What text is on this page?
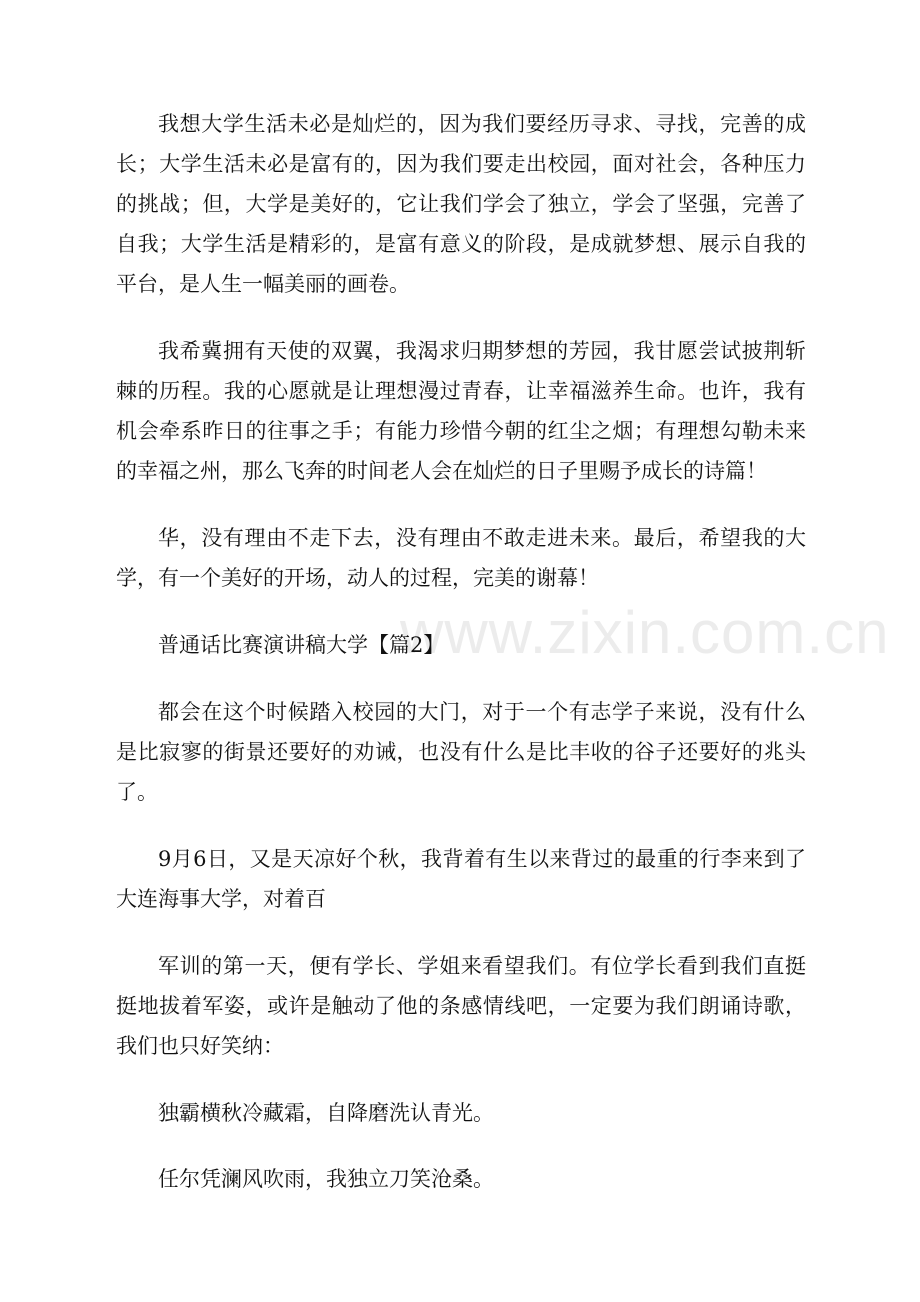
www.zixin.com.cn

我想大学生活未必是灿烂的，因为我们要经历寻求、寻找，完善的成长；大学生活未必是富有的，因为我们要走出校园，面对社会，各种压力的挑战；但，大学是美好的，它让我们学会了独立，学会了坚强，完善了自我；大学生活是精彩的，是富有意义的阶段，是成就梦想、展示自我的平台，是人生一幅美丽的画卷。

我希冀拥有天使的双翼，我渴求归期梦想的芳园，我甘愿尝试披荆斩棘的历程。我的心愿就是让理想漫过青春，让幸福滋养生命。也许，我有机会牵系昨日的往事之手；有能力珍惜今朝的红尘之烟；有理想勾勒未来的幸福之州，那么飞奔的时间老人会在灿烂的日子里赐予成长的诗篇！

华，没有理由不走下去，没有理由不敢走进未来。最后，希望我的大学，有一个美好的开场，动人的过程，完美的谢幕！

普通话比赛演讲稿大学【篇2】

都会在这个时候踏入校园的大门，对于一个有志学子来说，没有什么是比寂寥的街景还要好的劝诫，也没有什么是比丰收的谷子还要好的兆头了。

9月6日，又是天凉好个秋，我背着有生以来背过的最重的行李来到了大连海事大学，对着百

军训的第一天，便有学长、学姐来看望我们。有位学长看到我们直挺挺地拔着军姿，或许是触动了他的条感情线吧，一定要为我们朗诵诗歌，我们也只好笑纳：

独霸横秋冷藏霜，自降磨洗认青光。

任尔凭澜风吹雨，我独立刀笑沧桑。
